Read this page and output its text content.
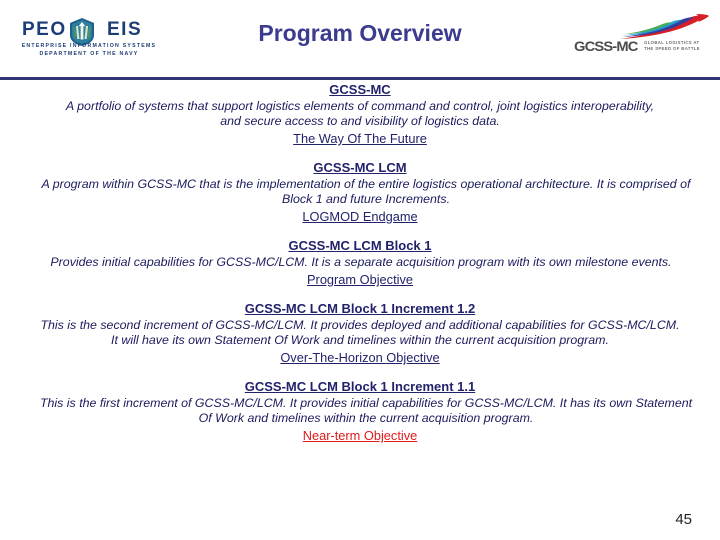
PEO EIS
ENTERPRISE INFORMATION SYSTEMS
DEPARTMENT OF THE NAVY
Program Overview	GCSS-MC GLOBAL LOGISTICS AT
THE SPEED OF BATTLE
GCSS-MC
A portfolio of systems that support logistics elements of command and control, joint logistics interoperability, and secure access to and visibility of logistics data.
The Way Of The Future
GCSS-MC LCM
A program within GCSS-MC that is the implementation of the entire logistics operational architecture. It is comprised of Block 1 and future Increments.
LOGMOD Endgame
GCSS-MC LCM Block 1
Provides initial capabilities for GCSS-MC/LCM. It is a separate acquisition program with its own milestone events.
Program Objective
GCSS-MC LCM Block 1 Increment 1.2
This is the second increment of GCSS-MC/LCM. It provides deployed and additional capabilities for GCSS-MC/LCM. It will have its own Statement Of Work and timelines within the current acquisition program.
Over-The-Horizon Objective
GCSS-MC LCM Block 1 Increment 1.1
This is the first increment of GCSS-MC/LCM. It provides initial capabilities for GCSS-MC/LCM. It has its own Statement Of Work and timelines within the current acquisition program.
Near-term Objective
45
